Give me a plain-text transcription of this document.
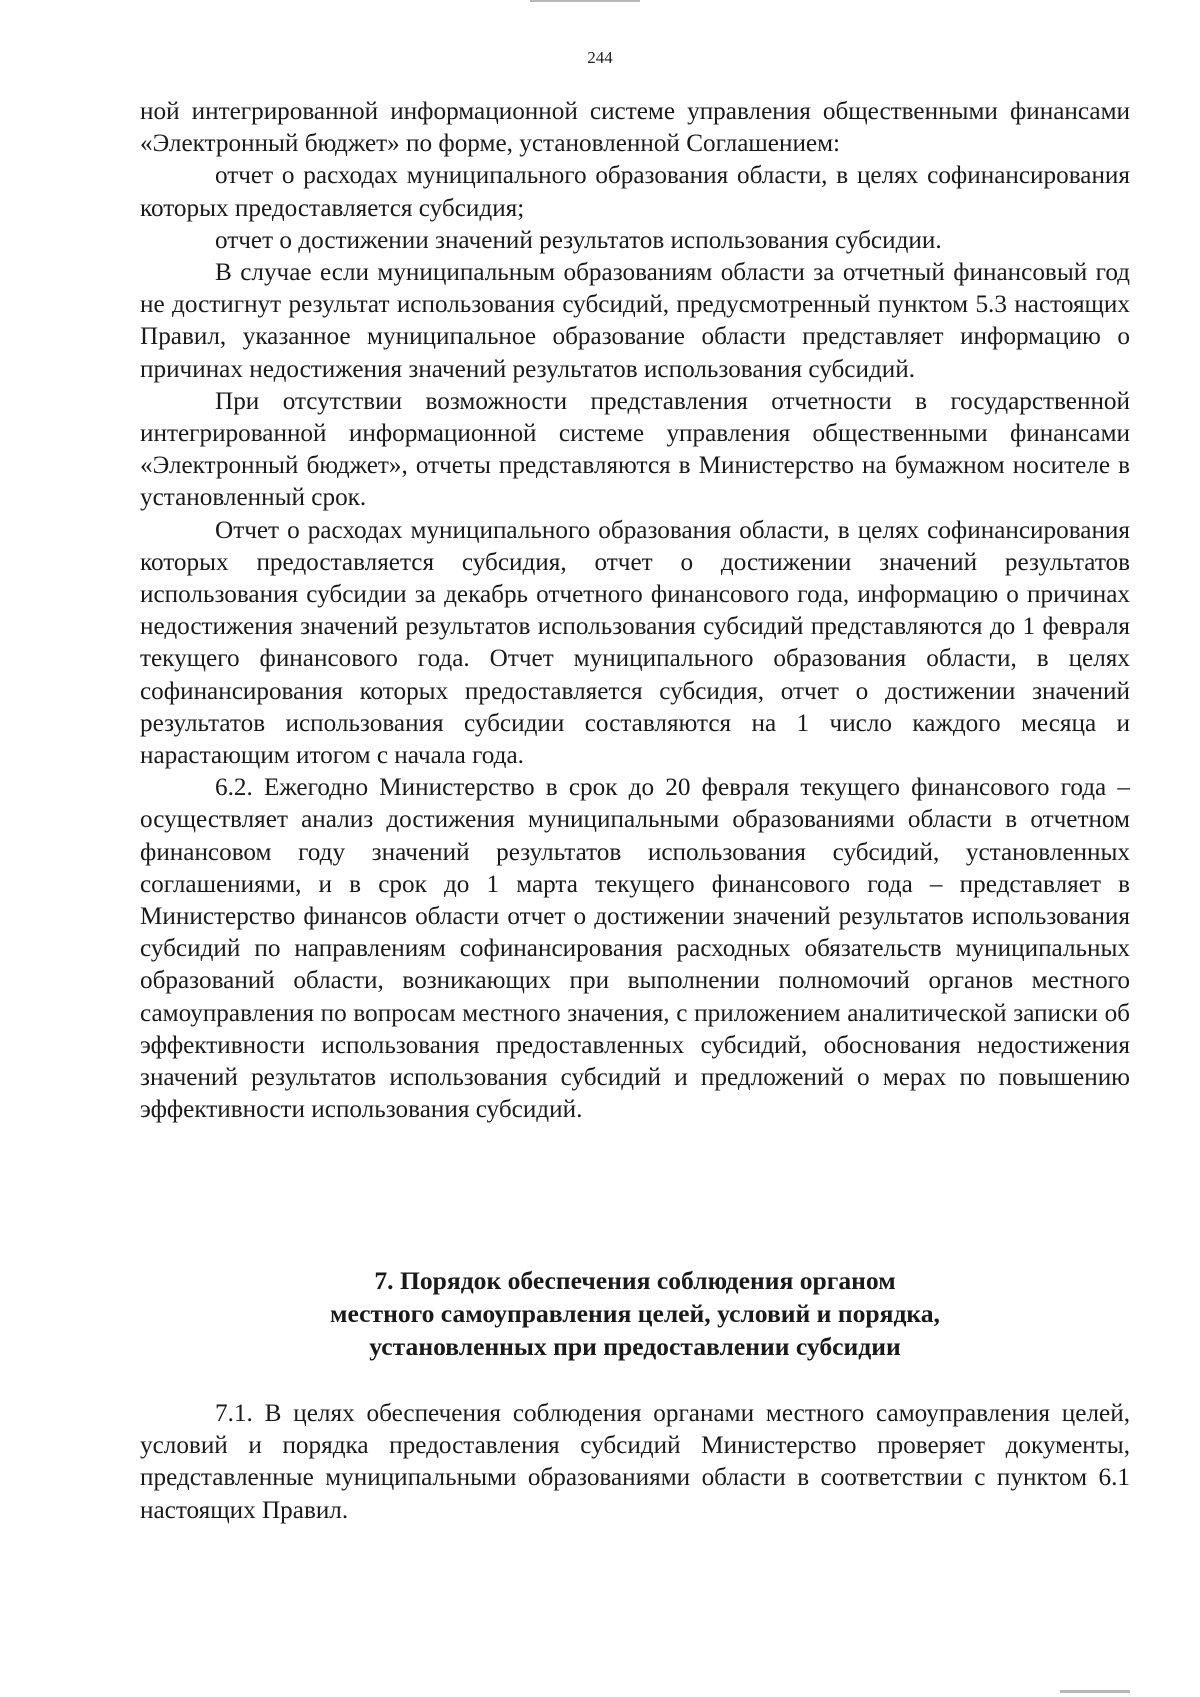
244

ной интегрированной информационной системе управления общественными финансами «Электронный бюджет» по форме, установленной Соглашением:

отчет о расходах муниципального образования области, в целях софинансирования которых предоставляется субсидия;

отчет о достижении значений результатов использования субсидии.

В случае если муниципальным образованиям области за отчетный финансовый год не достигнут результат использования субсидий, предусмотренный пунктом 5.3 настоящих Правил, указанное муниципальное образование области представляет информацию о причинах недостижения значений результатов использования субсидий.

При отсутствии возможности представления отчетности в государственной интегрированной информационной системе управления общественными финансами «Электронный бюджет», отчеты представляются в Министерство на бумажном носителе в установленный срок.

Отчет о расходах муниципального образования области, в целях софинансирования которых предоставляется субсидия, отчет о достижении значений результатов использования субсидии за декабрь отчетного финансового года, информацию о причинах недостижения значений результатов использования субсидий представляются до 1 февраля текущего финансового года. Отчет муниципального образования области, в целях софинансирования которых предоставляется субсидия, отчет о достижении значений результатов использования субсидии составляются на 1 число каждого месяца и нарастающим итогом с начала года.

6.2. Ежегодно Министерство в срок до 20 февраля текущего финансового года – осуществляет анализ достижения муниципальными образованиями области в отчетном финансовом году значений результатов использования субсидий, установленных соглашениями, и в срок до 1 марта текущего финансового года – представляет в Министерство финансов области отчет о достижении значений результатов использования субсидий по направлениям софинансирования расходных обязательств муниципальных образований области, возникающих при выполнении полномочий органов местного самоуправления по вопросам местного значения, с приложением аналитической записки об эффективности использования предоставленных субсидий, обоснования недостижения значений результатов использования субсидий и предложений о мерах по повышению эффективности использования субсидий.

7. Порядок обеспечения соблюдения органом
местного самоуправления целей, условий и порядка,
установленных при предоставлении субсидии

7.1. В целях обеспечения соблюдения органами местного самоуправления целей, условий и порядка предоставления субсидий Министерство проверяет документы, представленные муниципальными образованиями области в соответствии с пунктом 6.1 настоящих Правил.
